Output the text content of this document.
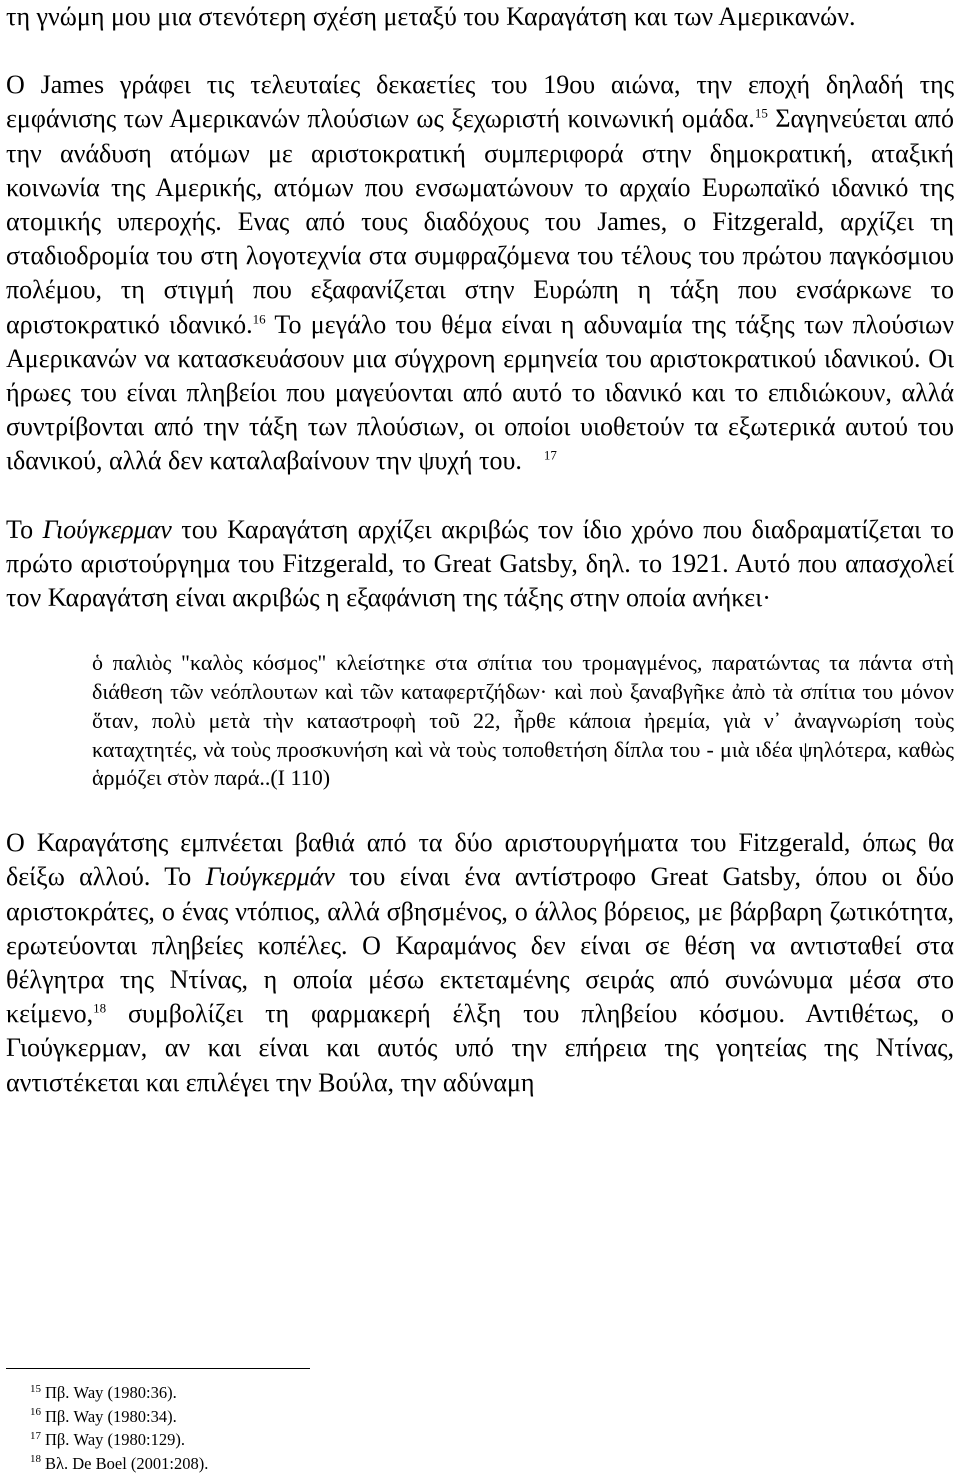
τη γνώμη μου μια στενότερη σχέση μεταξύ του Καραγάτση και των Αμερικανών.

Ο James γράφει τις τελευταίες δεκαετίες του 19ου αιώνα, την εποχή δηλαδή της εμφάνισης των Αμερικανών πλούσιων ως ξεχωριστή κοινωνική ομάδα.$^{15}$ Σαγηνεύεται από την ανάδυση ατόμων με αριστοκρατική συμπεριφορά στην δημοκρατική, αταξική κοινωνία της Αμερικής, ατόμων που ενσωματώνουν το αρχαίο Ευρωπαϊκό ιδανικό της ατομικής υπεροχής. Ενας από τους διαδόχους του James, ο Fitzgerald, αρχίζει τη σταδιοδρομία του στη λογοτεχνία στα συμφραζόμενα του τέλους του πρώτου παγκόσμιου πολέμου, τη στιγμή που εξαφανίζεται στην Ευρώπη η τάξη που ενσάρκωνε το αριστοκρατικό ιδανικό.$^{16}$ Το μεγάλο του θέμα είναι η αδυναμία της τάξης των πλούσιων Αμερικανών να κατασκευάσουν μια σύγχρονη ερμηνεία του αριστοκρατικού ιδανικού. Οι ήρωες του είναι πληβείοι που μαγεύονται από αυτό το ιδανικό και το επιδιώκουν, αλλά συντρίβονται από την τάξη των πλούσιων, οι οποίοι υιοθετούν τα εξωτερικά αυτού του ιδανικού, αλλά δεν καταλαβαίνουν την ψυχή του. $^{17}$

Το Γιούγκερμαν του Καραγάτση αρχίζει ακριβώς τον ίδιο χρόνο που διαδραματίζεται το πρώτο αριστούργημα του Fitzgerald, το Great Gatsby, δηλ. το 1921. Αυτό που απασχολεί τον Καραγάτση είναι ακριβώς η εξαφάνιση της τάξης στην οποία ανήκει·

ὁ παλιὸς "καλὸς κόσμος" κλείστηκε στα σπίτια του τρομαγμένος, παρατώντας τα πάντα στὴ διάθεση τῶν νεόπλουτων καὶ τῶν καταφερτζήδων· καὶ ποὺ ξαναβγῆκε ἀπὸ τὰ σπίτια του μόνον ὅταν, πολὺ μετὰ τὴν καταστροφὴ τοῦ 22, ἦρθε κάποια ἠρεμία, γιὰ ν᾿ ἀναγνωρίση τοὺς καταχτητές, νὰ τοὺς προσκυνήση καὶ νὰ τοὺς τοποθετήση δίπλα του - μιὰ ιδέα ψηλότερα, καθὼς ἁρμόζει στὸν παρά..(Ι 110)

Ο Καραγάτσης εμπνέεται βαθιά από τα δύο αριστουργήματα του Fitzgerald, όπως θα δείξω αλλού. Το Γιούγκερμάν του είναι ένα αντίστροφο Great Gatsby, όπου οι δύο αριστοκράτες, ο ένας ντόπιος, αλλά σβησμένος, ο άλλος βόρειος, με βάρβαρη ζωτικότητα, ερωτεύονται πληβείες κοπέλες. Ο Καραμάνος δεν είναι σε θέση να αντισταθεί στα θέλγητρα της Ντίνας, η οποία μέσω εκτεταμένης σειράς από συνώνυμα μέσα στο κείμενο,$^{18}$ συμβολίζει τη φαρμακερή έλξη του πληβείου κόσμου. Αντιθέτως, ο Γιούγκερμαν, αν και είναι και αυτός υπό την επήρεια της γοητείας της Ντίνας, αντιστέκεται και επιλέγει την Βούλα, την αδύναμη

$^{15}$ Πβ. Way (1980:36).
$^{16}$ Πβ. Way (1980:34).
$^{17}$ Πβ. Way (1980:129).
$^{18}$ Βλ. De Boel (2001:208).
